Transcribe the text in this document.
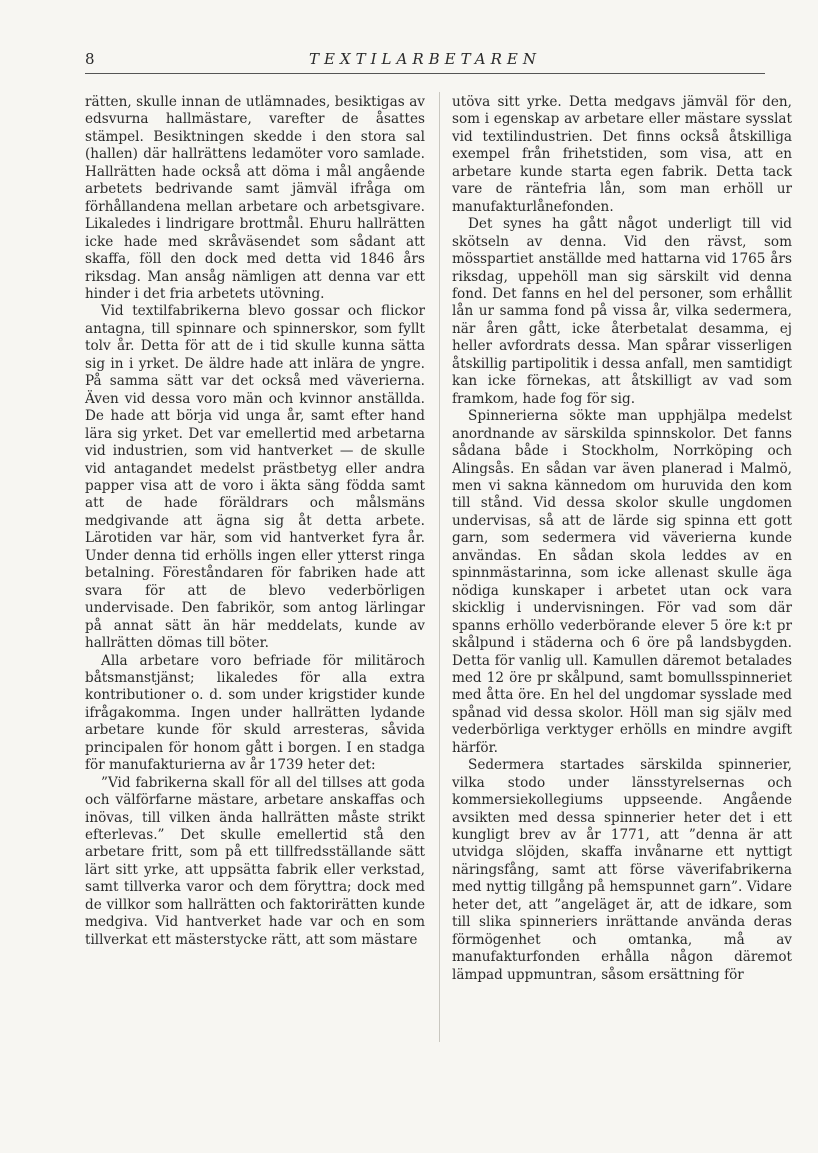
8	TEXTILARBETAREN

rätten, skulle innan de utlämnades, besiktigas av edsvurna hallmästare, varefter de åsattes stämpel. Besiktningen skedde i den stora sal (hallen) där hallrättens ledamöter voro samlade. Hallrätten hade också att döma i mål angående arbetets bedrivande samt jämväl ifråga om förhållandena mellan arbetare och arbetsgivare. Likaledes i lindrigare brottmål. Ehuru hallrätten icke hade med skråväsendet som sådant att skaffa, föll den dock med detta vid 1846 års riksdag. Man ansåg nämligen att denna var ett hinder i det fria arbetets utövning.

Vid textilfabrikerna blevo gossar och flickor antagna, till spinnare och spinnerskor, som fyllt tolv år. Detta för att de i tid skulle kunna sätta sig in i yrket. De äldre hade att inlära de yngre. På samma sätt var det också med väverierna. Även vid dessa voro män och kvinnor anställda. De hade att börja vid unga år, samt efter hand lära sig yrket. Det var emellertid med arbetarna vid industrien, som vid hantverket — de skulle vid antagandet medelst prästbetyg eller andra papper visa att de voro i äkta säng födda samt att de hade föräldrars och målsmäns medgivande att ägna sig åt detta arbete. Lärotiden var här, som vid hantverket fyra år. Under denna tid erhölls ingen eller ytterst ringa betalning. Föreståndaren för fabriken hade att svara för att de blevo vederbörligen undervisade. Den fabrikör, som antog lärlingar på annat sätt än här meddelats, kunde av hallrätten dömas till böter.

Alla arbetare voro befriade för militäroch båtsmanstjänst; likaledes för alla extra kontributioner o. d. som under krigstider kunde ifrågakomma. Ingen under hallrätten lydande arbetare kunde för skuld arresteras, såvida principalen för honom gått i borgen. I en stadga för manufakturierna av år 1739 heter det:

”Vid fabrikerna skall för all del tillses att goda och välförfarne mästare, arbetare anskaffas och inövas, till vilken ända hallrätten måste strikt efterlevas.” Det skulle emellertid stå den arbetare fritt, som på ett tillfredsställande sätt lärt sitt yrke, att uppsätta fabrik eller verkstad, samt tillverka varor och dem föryttra; dock med de villkor som hallrätten och faktorirätten kunde medgiva. Vid hantverket hade var och en som tillverkat ett mästerstycke rätt, att som mästare

utöva sitt yrke. Detta medgavs jämväl för den, som i egenskap av arbetare eller mästare sysslat vid textilindustrien. Det finns också åtskilliga exempel från frihetstiden, som visa, att en arbetare kunde starta egen fabrik. Detta tack vare de räntefria lån, som man erhöll ur manufakturlånefonden.

Det synes ha gått något underligt till vid skötseln av denna. Vid den rävst, som mösspartiet anställde med hattarna vid 1765 års riksdag, uppehöll man sig särskilt vid denna fond. Det fanns en hel del personer, som erhållit lån ur samma fond på vissa år, vilka sedermera, när åren gått, icke återbetalat desamma, ej heller avfordrats dessa. Man spårar visserligen åtskillig partipolitik i dessa anfall, men samtidigt kan icke förnekas, att åtskilligt av vad som framkom, hade fog för sig.

Spinnerierna sökte man upphjälpa medelst anordnande av särskilda spinnskolor. Det fanns sådana både i Stockholm, Norrköping och Alingsås. En sådan var även planerad i Malmö, men vi sakna kännedom om huruvida den kom till stånd. Vid dessa skolor skulle ungdomen undervisas, så att de lärde sig spinna ett gott garn, som sedermera vid väverierna kunde användas. En sådan skola leddes av en spinnmästarinna, som icke allenast skulle äga nödiga kunskaper i arbetet utan ock vara skicklig i undervisningen. För vad som där spanns erhöllo vederbörande elever 5 öre k:t pr skålpund i städernа och 6 öre på landsbygden. Detta för vanlig ull. Kamullen däremot betalades med 12 öre pr skålpund, samt bomullsspinneriet med åtta öre. En hel del ungdomar sysslade med spånad vid dessa skolor. Höll man sig själv med vederbörliga verktyger erhölls en mindre avgift härför.

Sedermera startades särskilda spinnerier, vilka stodo under länsstyrelsernas och kommersiekollegiums uppseende. Angående avsikten med dessa spinnerier heter det i ett kungligt brev av år 1771, att ”denna är att utvidga slöjden, skaffa invånarne ett nyttigt näringsfång, samt att förse väverifabrikerna med nyttig tillgång på hemspunnet garn”. Vidare heter det, att ”angeläget är, att de idkare, som till slika spinneriers inrättande använda deras förmögenhet och omtanka, må av manufakturfonden erhålla någon däremot lämpad uppmuntran, såsom ersättning för
